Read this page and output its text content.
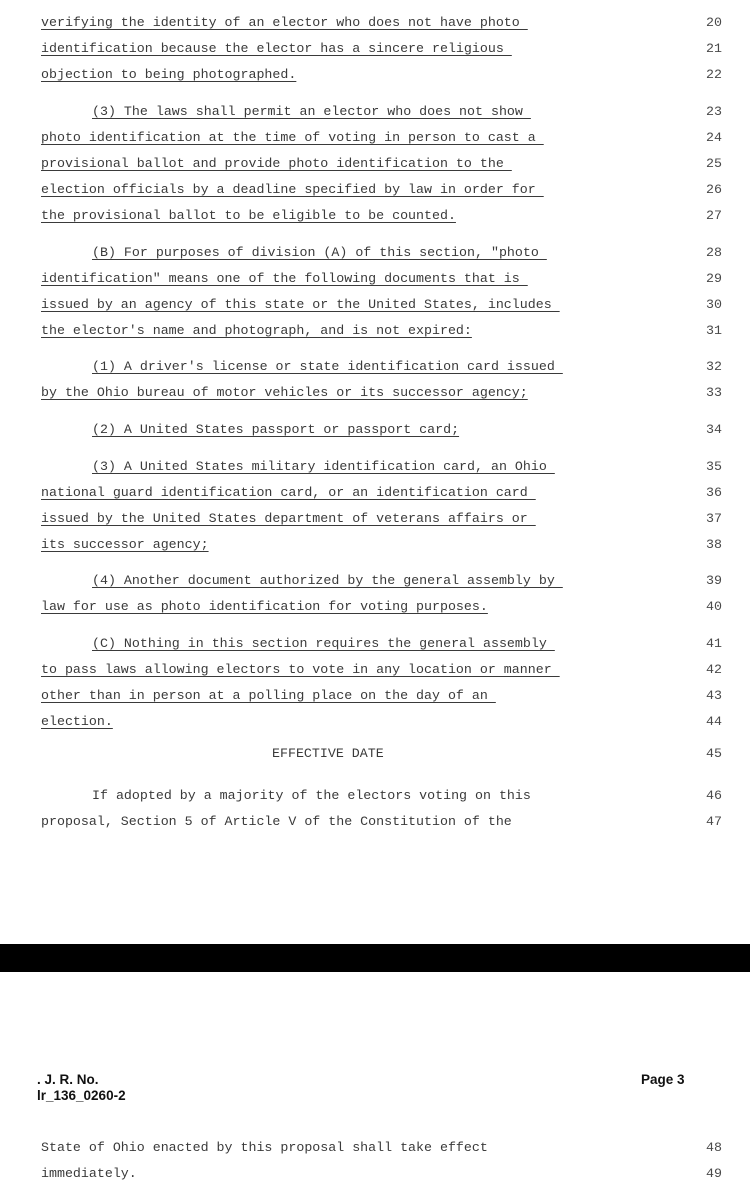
verifying the identity of an elector who does not have photo	20
identification because the elector has a sincere religious	21
objection to being photographed.	22
(3) The laws shall permit an elector who does not show	23
photo identification at the time of voting in person to cast a	24
provisional ballot and provide photo identification to the	25
election officials by a deadline specified by law in order for	26
the provisional ballot to be eligible to be counted.	27
(B) For purposes of division (A) of this section, "photo	28
identification" means one of the following documents that is	29
issued by an agency of this state or the United States, includes	30
the elector's name and photograph, and is not expired:	31
(1) A driver's license or state identification card issued	32
by the Ohio bureau of motor vehicles or its successor agency;	33
(2) A United States passport or passport card;	34
(3) A United States military identification card, an Ohio	35
national guard identification card, or an identification card	36
issued by the United States department of veterans affairs or	37
its successor agency;	38
(4) Another document authorized by the general assembly by	39
law for use as photo identification for voting purposes.	40
(C) Nothing in this section requires the general assembly	41
to pass laws allowing electors to vote in any location or manner	42
other than in person at a polling place on the day of an	43
election.	44
EFFECTIVE DATE	45
If adopted by a majority of the electors voting on this	46
proposal, Section 5 of Article V of the Constitution of the	47
. J. R. No.
lr_136_0260-2
Page 3
State of Ohio enacted by this proposal shall take effect	48
immediately.	49
